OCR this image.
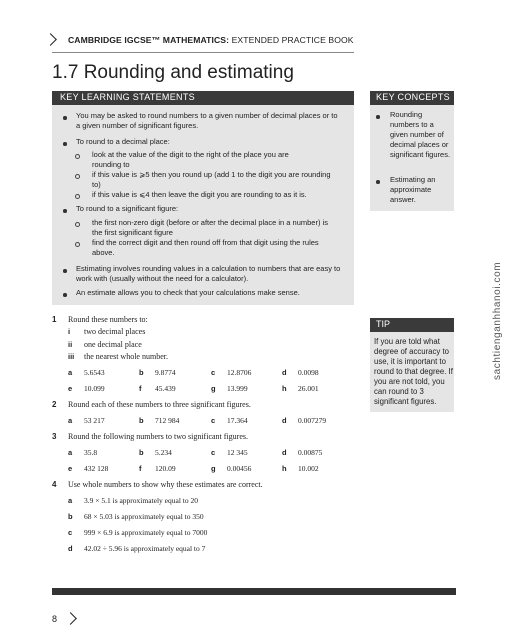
CAMBRIDGE IGCSE™ MATHEMATICS: EXTENDED PRACTICE BOOK
1.7 Rounding and estimating
KEY LEARNING STATEMENTS
You may be asked to round numbers to a given number of decimal places or to a given number of significant figures.
To round to a decimal place:
look at the value of the digit to the right of the place you are rounding to
if this value is ⩾5 then you round up (add 1 to the digit you are rounding to)
if this value is ⩽4 then leave the digit you are rounding to as it is.
To round to a significant figure:
the first non-zero digit (before or after the decimal place in a number) is the first significant figure
find the correct digit and then round off from that digit using the rules above.
Estimating involves rounding values in a calculation to numbers that are easy to work with (usually without the need for a calculator).
An estimate allows you to check that your calculations make sense.
KEY CONCEPTS
Rounding numbers to a given number of decimal places or significant figures.
Estimating an approximate answer.
TIP
If you are told what degree of accuracy to use, it is important to round to that degree. If you are not told, you can round to 3 significant figures.
1 Round these numbers to:
i two decimal places
ii one decimal place
iii the nearest whole number.
a 5.6543	b 9.8774	c 12.8706	d 0.0098
e 10.099	f 45.439	g 13.999	h 26.001
2 Round each of these numbers to three significant figures.
a 53 217	b 712 984	c 17.364	d 0.007279
3 Round the following numbers to two significant figures.
a 35.8	b 5.234	c 12 345	d 0.00875
e 432 128	f 120.09	g 0.00456	h 10.002
4 Use whole numbers to show why these estimates are correct.
a 3.9 × 5.1 is approximately equal to 20
b 68 × 5.03 is approximately equal to 350
c 999 × 6.9 is approximately equal to 7000
d 42.02 ÷ 5.96 is approximately equal to 7
sachtienganhhanoi.com
8
